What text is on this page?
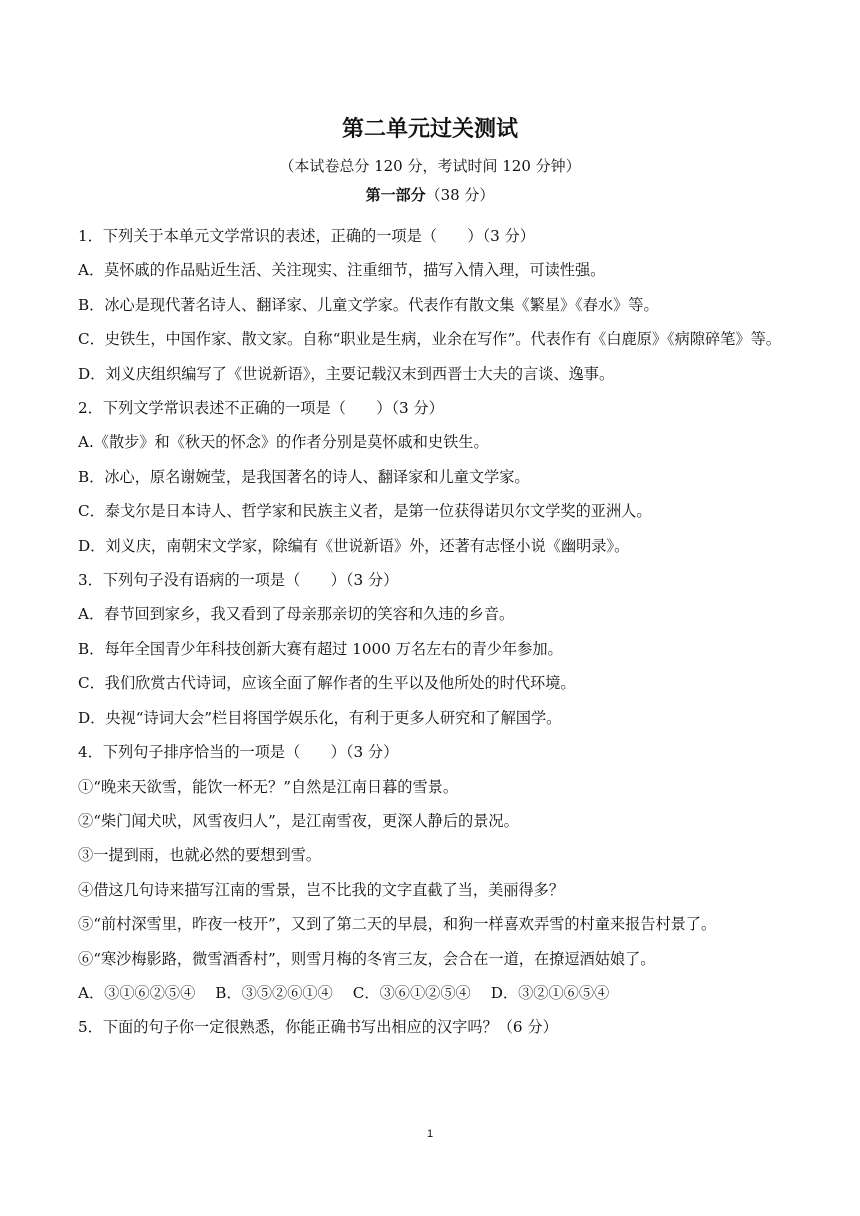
第二单元过关测试
（本试卷总分 120 分，考试时间 120 分钟）
第一部分（38 分）

1．下列关于本单元文学常识的表述，正确的一项是（　　）（3 分）

A．莫怀戚的作品贴近生活、关注现实、注重细节，描写入情入理，可读性强。

B．冰心是现代著名诗人、翻译家、儿童文学家。代表作有散文集《繁星》《春水》等。

C．史铁生，中国作家、散文家。自称“职业是生病，业余在写作”。代表作有《白鹿原》《病隙碎笔》等。

D．刘义庆组织编写了《世说新语》，主要记载汉末到西晋士大夫的言谈、逸事。

2．下列文学常识表述不正确的一项是（　　）（3 分）

A.《散步》和《秋天的怀念》的作者分别是莫怀戚和史铁生。

B．冰心，原名谢婉莹，是我国著名的诗人、翻译家和儿童文学家。

C．泰戈尔是日本诗人、哲学家和民族主义者，是第一位获得诺贝尔文学奖的亚洲人。

D．刘义庆，南朝宋文学家，除编有《世说新语》外，还著有志怪小说《幽明录》。

3．下列句子没有语病的一项是（　　）（3 分）

A．春节回到家乡，我又看到了母亲那亲切的笑容和久违的乡音。

B．每年全国青少年科技创新大赛有超过 1000 万名左右的青少年参加。

C．我们欣赏古代诗词，应该全面了解作者的生平以及他所处的时代环境。

D．央视“诗词大会”栏目将国学娱乐化，有利于更多人研究和了解国学。

4．下列句子排序恰当的一项是（　　）（3 分）

①“晚来天欲雪，能饮一杯无？”自然是江南日暮的雪景。

②“柴门闻犬吠，风雪夜归人”，是江南雪夜，更深人静后的景况。

③一提到雨，也就必然的要想到雪。

④借这几句诗来描写江南的雪景，岂不比我的文字直截了当，美丽得多？

⑤“前村深雪里，昨夜一枝开”，又到了第二天的早晨，和狗一样喜欢弄雪的村童来报告村景了。

⑥“寒沙梅影路，微雪酒香村”，则雪月梅的冬宵三友，会合在一道，在撩逗酒姑娘了。

A．③①⑥②⑤④　 B．③⑤②⑥①④　 C．③⑥①②⑤④　 D．③②①⑥⑤④

5．下面的句子你一定很熟悉，你能正确书写出相应的汉字吗？（6 分）

1
